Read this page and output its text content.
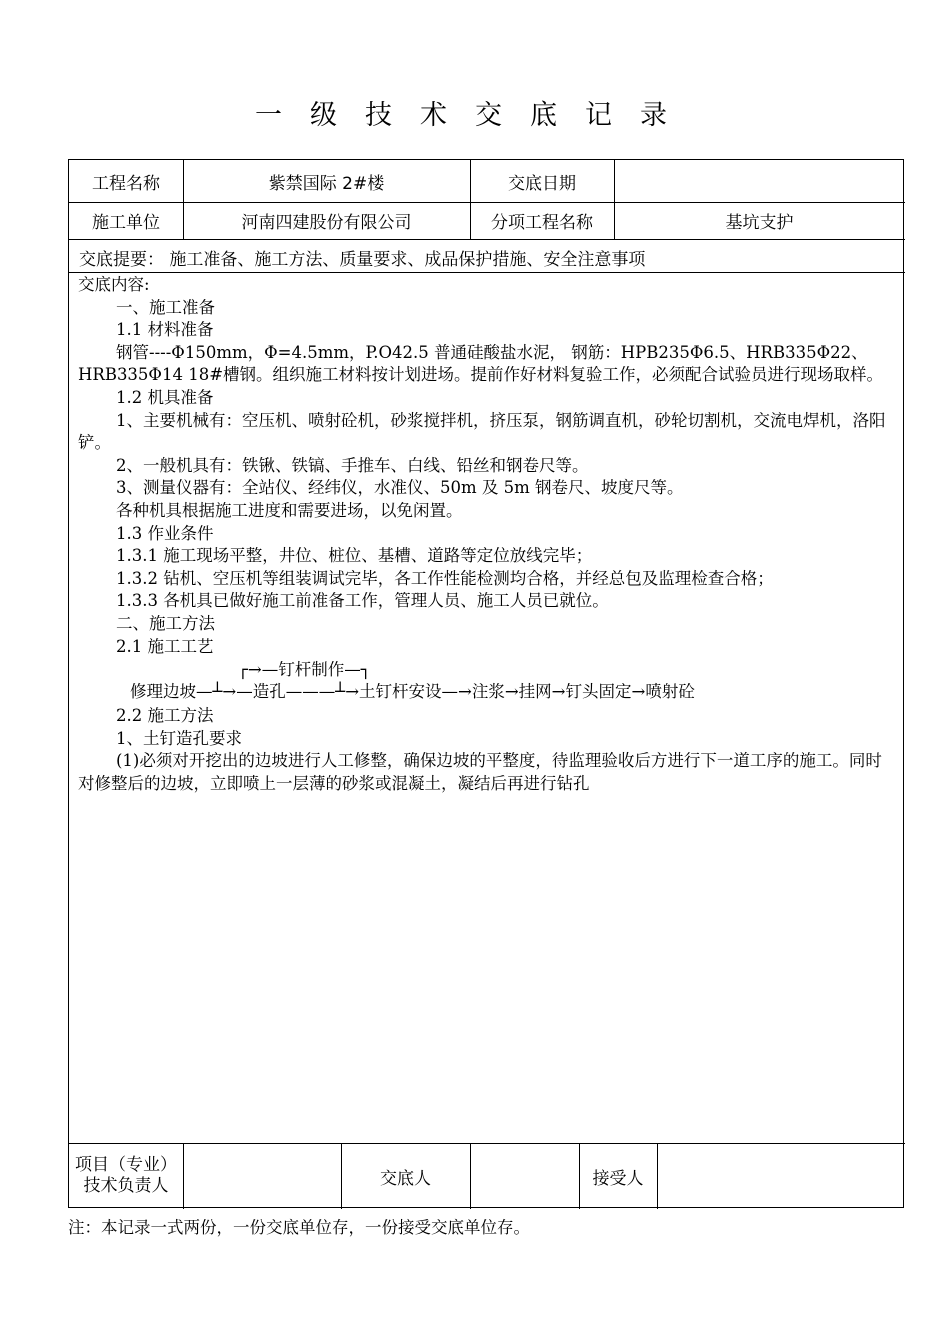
一级技术交底记录
工程名称	紫禁国际 2#楼	交底日期
施工单位	河南四建股份有限公司	分项工程名称	基坑支护
交底提要： 施工准备、施工方法、质量要求、成品保护措施、安全注意事项

交底内容:

一、施工准备

1.1 材料准备

钢管----Φ150mm，Φ=4.5mm，P.O42.5 普通硅酸盐水泥， 钢筋：HPB235Φ6.5、HRB335Φ22、HRB335Φ14 18#槽钢。组织施工材料按计划进场。提前作好材料复验工作，必须配合试验员进行现场取样。

1.2 机具准备

1、主要机械有：空压机、喷射砼机，砂浆搅拌机，挤压泵，钢筋调直机，砂轮切割机，交流电焊机，洛阳铲。

2、一般机具有：铁锹、铁镐、手推车、白线、铅丝和钢卷尺等。

3、测量仪器有：全站仪、经纬仪，水准仪、50m 及 5m 钢卷尺、坡度尺等。

各种机具根据施工进度和需要进场，以免闲置。

1.3 作业条件

1.3.1 施工现场平整，井位、桩位、基槽、道路等定位放线完毕；

1.3.2 钻机、空压机等组装调试完毕，各工作性能检测均合格，并经总包及监理检查合格；

1.3.3 各机具已做好施工前准备工作，管理人员、施工人员已就位。

二、施工方法

2.1 施工工艺

┌→—钉杆制作—┐
修理边坡—┴→—造孔———┴→土钉杆安设—→注浆→挂网→钉头固定→喷射砼

2.2 施工方法

1、土钉造孔要求

(1)必须对开挖出的边坡进行人工修整，确保边坡的平整度，待监理验收后方进行下一道工序的施工。同时对修整后的边坡，立即喷上一层薄的砂浆或混凝土，凝结后再进行钻孔

项目（专业）技术负责人	交底人	接受人
注：本记录一式两份，一份交底单位存，一份接受交底单位存。
